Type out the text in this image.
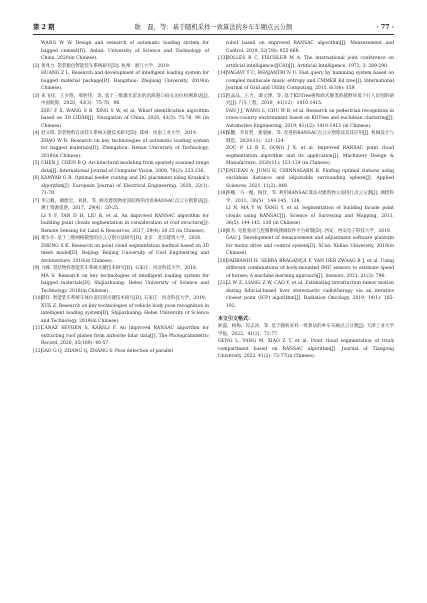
第 2 期	耿　磊，等：基于随机采样一致算法的乡车车厢点云分割	· 77 ·
WANG W W. Design and research of automatic loading system for bagged cement[D]. Anhui: University of Science and Technology of China, 2020(in Chinese).
[2] 黄兆力. 袋装粮包智能装车系统研究[D]. 杭州：浙江大学，2019.
HUANG Z L. Research and development of intelligent loading system for bagged material package[D]. Hangzhou: Zhejiang University, 2019(in Chinese).
[3] 朱飞祥，王少博，邢胜伟，等. 基于三维激光雷达的沿海港口码头泊位检测算法[J]. 中国航海，2020，43(3)：75-78，96.
ZHU F X, WANG S B, XING S W, et al. Wharf identification algorithm based on 3D LIDAR[J]. Navigation of China, 2020, 43(3): 75-78, 96 (in Chinese).
[4] 赵文瑞. 袋装物料自动装车系统关键技术研究[D]. 郑州：河南工业大学，2019.
ZHAO W R. Research on key technologies of automatic loading system for bagged materials[D]. Zhengzhou: Henan University of Technology, 2019(in Chinese).
[5] CHEN J, CHEN B Q. Architectural modeling from sparsely scanned range data[J]. International Journal of Computer Vision, 2008, 78(2): 223-236.
[6] KAMYAB G R. Optimal feeder routing and DG placement using Kruskal's algorithm[J]. European Journal of Electrical Engineering, 2020, 22(1): 71-78.
[7] 李云帆，谢德宏，刘晨，等. 顾及建筑物屋顶结构的改进RANSAC点云分割算法[J]. 测土资源遥感，2017，29(4)：20-25.
LI Y F, TAN D H, LIU R, et al. An improved RANSAC algorithm for building point clouds segmentation in consideration of roof structure[J]. Remote Sensing for Land & Resources, 2017, 29(4): 20-25 (in Chinese).
[8] 郑少开. 基于三维网格模型的点云分割方法研究[D]. 北京：北京建筑大学，2016.
ZHENG S K. Research on point cloud segmentation method based on 3D mesh model[D]. Beijing: Beijing University of Civil Engineering and Architecture, 2016(in Chinese).
[9] 马峰. 袋装物料智能装车系统关键技术研究[D]. 石家庄：河北科技大学，2018.
MA S. Research on key technologies of intelligent loading system for bagged materials[D]. Shijiazhuang: Hebei University of Science and Technology, 2018(in Chinese).
[10]薛洋. 智能装车系统车体位姿识别关键技术研究[D]. 石家庄：河北科技大学，2019.
XUE Z. Research on key technologies of vehicle body pose recognition in intelligent loading system[D]. Shijiazhuang: Hebei University of Science and Technology, 2019(in Chinese).
[11]CANAZ SEVGEN S, KARSLI F. An improved RANSAC algorithm for extracting roof planes from airborne lidar data[J]. The Photogrammetric Record, 2020, 35(169): 40-57.
[12]GAO G Q, ZHANG Q, ZHANG S. Pose detection of parallel
robot based on improved RANSAC algorithm[J]. Measurement and Control, 2019, 52(7/8): 855-868.
[13]BOLLES R C, FISCHLER M A. The international joint conference on artificial intelligence(IJCAI)[J]. Artificial Intelligence, 1972, 3: 289-290.
[14]NAGAVI T C, BHAJANTRI N U. Fast query by humming system based on complex multiscale music entropy and CMMEB Kd tree[J]. International Journal of Grid and Utility Computing, 2015, 6(3/4): 159.
[15]范品品，王力，谭文博，等. 基于KDTree树和欧式聚类的越野环境下行人识别的研究[J]. 汽车工程，2019，41(12)：1410-1415.
FAN J J, WANG L, CHU W B, et al. Research on pedestrian recognition in cross-country environment based on KDTree and euclidean clustering[J]. Automotive Engineering, 2019, 41(12): 1410-1415 (in Chinese).
[16]邹鹏，李育贤，龚菊丽，等. 改进的RANSAC点云分割算法及其应用[J]. 机械设计与制造，2020(11)：121-124.
ZOU P, LI B Z, GONG J X, et al. Improved RANSAC point cloud segmentation algorithm and its application[J]. Machinery Design & Manufacture, 2020(11): 121-124 (in Chinese).
[17]ONUEAN A, JUNG H, CHINNASARN K. Finding optimal stations using euclidean distance and adjustable surrounding sphere[J]. Applied Sciences, 2021, 11(2): 848.
[18]李娜，马一薇，杨洋，等. 利用RANSAC算法对建筑物立面进行点云分割[J]. 测绘科学，2011，36(5)：144-145，138.
LI N, MA Y W, YANG Y, et al. Segmentation of building facade point clouds using RANSAC[J]. Science of Surveying and Mapping, 2011, 36(5): 144-145, 138 (in Chinese).
[19]高杰. 电机驱动与控制系统测调软件平台研制[D]. 西安：西安电子科技大学，2019.
GAO J. Development of measurement and adjustment software platform for motor drive and control system[D]. Xi'an: Xidian University, 2019(in Chinese).
[20]DARBANDI H, SERRA BRAGANÇA F, VAN DER ZWAAG B J, et al. Using different combinations of body-mounted IMU sensors to estimate speed of horses; A machine learning approach[J]. Sensors, 2021, 21(3): 798.
[21]LI W Z, LIANG Z W, CAO Y, et al. Estimating intrafraction tumor motion during fiducial-based liver stereotactic radiotherapy via an iterative closest point (ICP) algorithm[J]. Radiation Oncology, 2019, 14(1): 185-192.
本文引文格式：
耿磊，杨梅，肖志涛，等. 基于随机采样一致算法的乡车车厢点云分割[J]. 天津工业大学学报，2022，41(2)：72-77.
GENG L, YANG M, XIAO Z T, et al. Point cloud segmentation of truck compartment based on RANSAC algorithm[J]. Journal of Tiangong University, 2022, 41(2): 72-77(in Chinese).
